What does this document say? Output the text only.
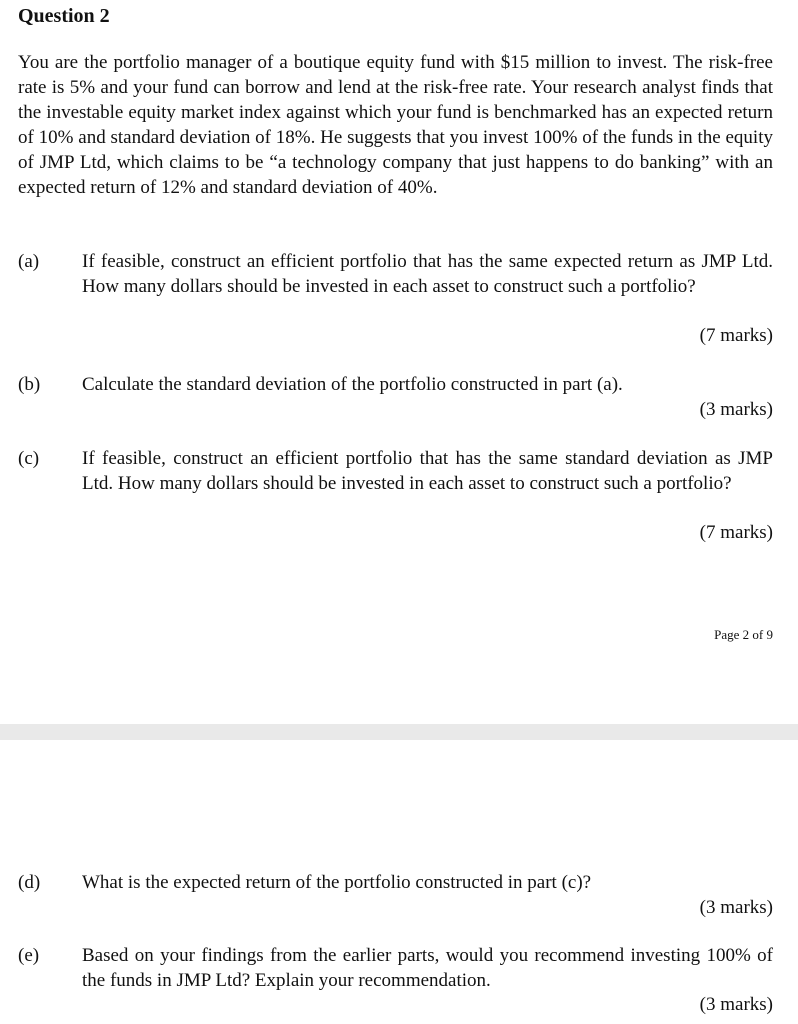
Question 2

You are the portfolio manager of a boutique equity fund with $15 million to invest. The risk-free rate is 5% and your fund can borrow and lend at the risk-free rate. Your research analyst finds that the investable equity market index against which your fund is benchmarked has an expected return of 10% and standard deviation of 18%. He suggests that you invest 100% of the funds in the equity of JMP Ltd, which claims to be “a technology company that just happens to do banking” with an expected return of 12% and standard deviation of 40%.

(a) If feasible, construct an efficient portfolio that has the same expected return as JMP Ltd. How many dollars should be invested in each asset to construct such a portfolio?

(7 marks)
(b) Calculate the standard deviation of the portfolio constructed in part (a).

(3 marks)
(c) If feasible, construct an efficient portfolio that has the same standard deviation as JMP Ltd. How many dollars should be invested in each asset to construct such a portfolio?

(7 marks)
Page 2 of 9
(d) What is the expected return of the portfolio constructed in part (c)?

(3 marks)
(e) Based on your findings from the earlier parts, would you recommend investing 100% of the funds in JMP Ltd? Explain your recommendation.

(3 marks)
